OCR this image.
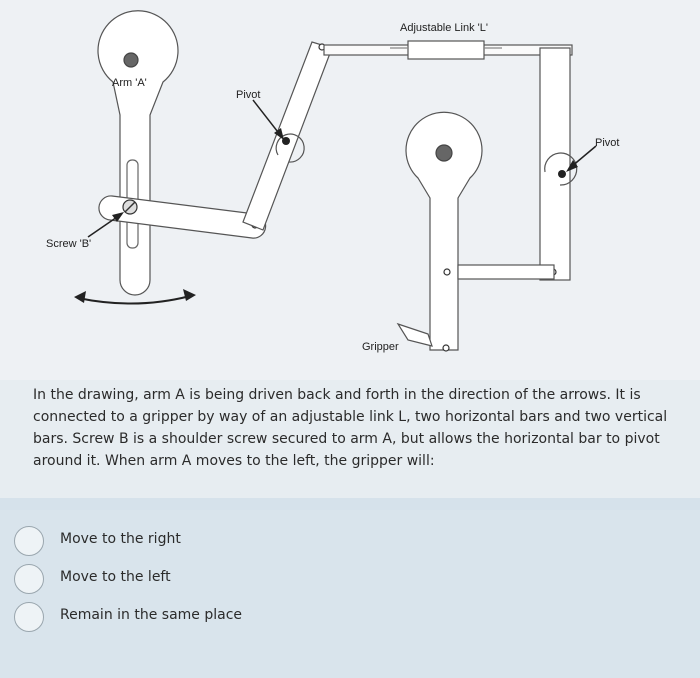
Arm 'A'
Pivot
Adjustable Link 'L'
Pivot
Screw 'B'
Gripper
In the drawing, arm A is being driven back and forth in the direction of the arrows. It is connected to a gripper by way of an adjustable link L, two horizontal bars and two vertical bars. Screw B is a shoulder screw secured to arm A, but allows the horizontal bar to pivot around it. When arm A moves to the left, the gripper will:
Move to the right
Move to the left
Remain in the same place
